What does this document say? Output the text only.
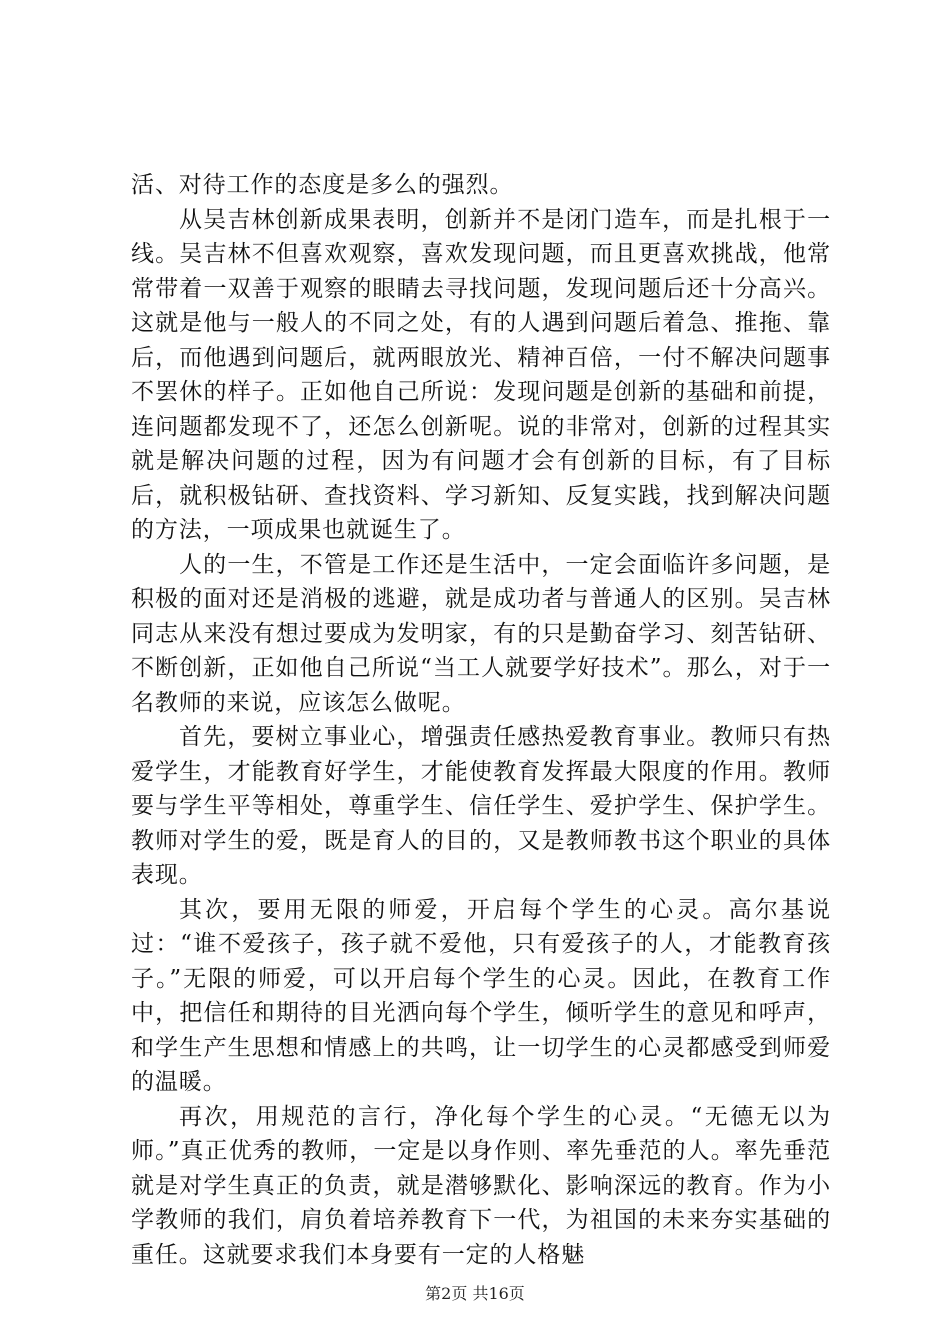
活、对待工作的态度是多么的强烈。

从吴吉林创新成果表明，创新并不是闭门造车，而是扎根于一线。吴吉林不但喜欢观察，喜欢发现问题，而且更喜欢挑战，他常常带着一双善于观察的眼睛去寻找问题，发现问题后还十分高兴。这就是他与一般人的不同之处，有的人遇到问题后着急、推拖、靠后，而他遇到问题后，就两眼放光、精神百倍，一付不解决问题事不罢休的样子。正如他自己所说：发现问题是创新的基础和前提，连问题都发现不了，还怎么创新呢。说的非常对，创新的过程其实就是解决问题的过程，因为有问题才会有创新的目标，有了目标后，就积极钻研、查找资料、学习新知、反复实践，找到解决问题的方法，一项成果也就诞生了。

人的一生，不管是工作还是生活中，一定会面临许多问题，是积极的面对还是消极的逃避，就是成功者与普通人的区别。吴吉林同志从来没有想过要成为发明家，有的只是勤奋学习、刻苦钻研、不断创新，正如他自己所说“当工人就要学好技术”。那么，对于一名教师的来说，应该怎么做呢。

首先，要树立事业心，增强责任感热爱教育事业。教师只有热爱学生，才能教育好学生，才能使教育发挥最大限度的作用。教师要与学生平等相处，尊重学生、信任学生、爱护学生、保护学生。教师对学生的爱，既是育人的目的，又是教师教书这个职业的具体表现。

其次，要用无限的师爱，开启每个学生的心灵。高尔基说过：“谁不爱孩子，孩子就不爱他，只有爱孩子的人，才能教育孩子。”无限的师爱，可以开启每个学生的心灵。因此，在教育工作中，把信任和期待的目光洒向每个学生，倾听学生的意见和呼声，和学生产生思想和情感上的共鸣，让一切学生的心灵都感受到师爱的温暖。

再次，用规范的言行，净化每个学生的心灵。“无德无以为师。”真正优秀的教师，一定是以身作则、率先垂范的人。率先垂范就是对学生真正的负责，就是潜够默化、影响深远的教育。作为小学教师的我们，肩负着培养教育下一代，为祖国的未来夯实基础的重任。这就要求我们本身要有一定的人格魅

第2页 共16页
